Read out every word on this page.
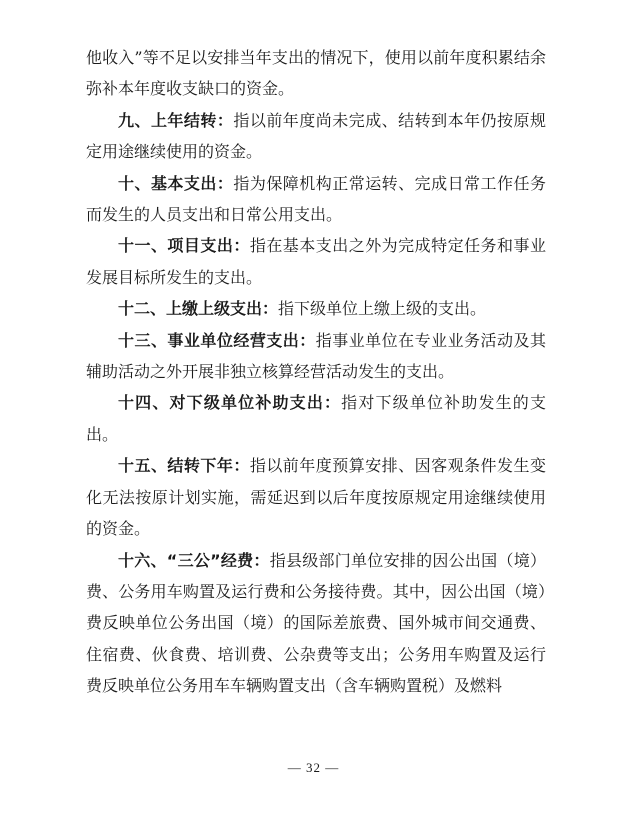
他收入”等不足以安排当年支出的情况下，使用以前年度积累结余弥补本年度收支缺口的资金。

九、上年结转：指以前年度尚未完成、结转到本年仍按原规定用途继续使用的资金。

十、基本支出：指为保障机构正常运转、完成日常工作任务而发生的人员支出和日常公用支出。

十一、项目支出：指在基本支出之外为完成特定任务和事业发展目标所发生的支出。

十二、上缴上级支出：指下级单位上缴上级的支出。

十三、事业单位经营支出：指事业单位在专业业务活动及其辅助活动之外开展非独立核算经营活动发生的支出。

十四、对下级单位补助支出：指对下级单位补助发生的支出。

十五、结转下年：指以前年度预算安排、因客观条件发生变化无法按原计划实施，需延迟到以后年度按原规定用途继续使用的资金。

十六、“三公”经费：指县级部门单位安排的因公出国（境）费、公务用车购置及运行费和公务接待费。其中，因公出国（境）费反映单位公务出国（境）的国际差旅费、国外城市间交通费、住宿费、伙食费、培训费、公杂费等支出；公务用车购置及运行费反映单位公务用车车辆购置支出（含车辆购置税）及燃料

— 32 —
